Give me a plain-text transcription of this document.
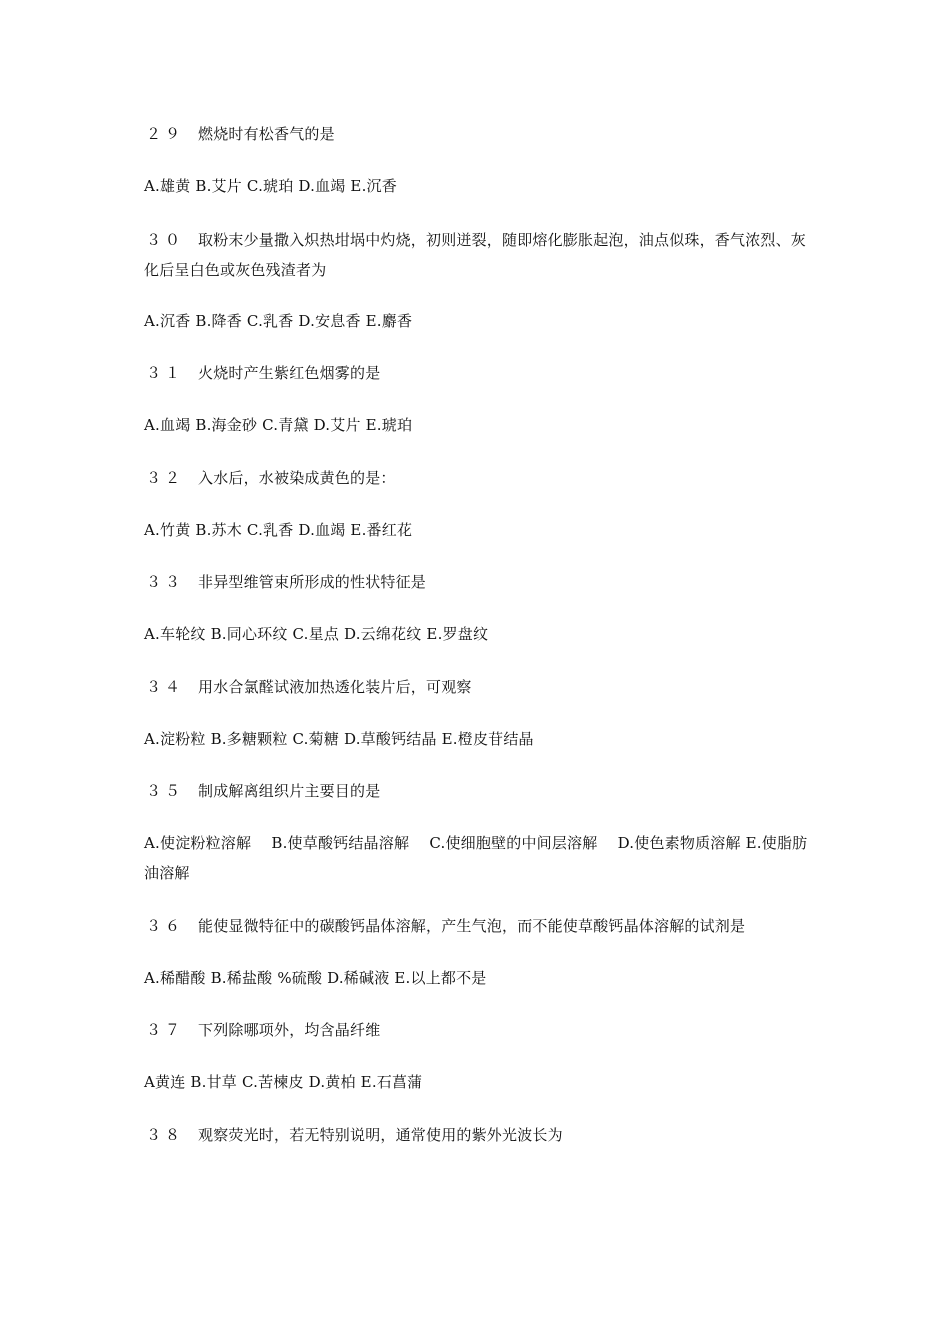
２９ 燃烧时有松香气的是
A.雄黄 B.艾片 C.琥珀 D.血竭 E.沉香
３０ 取粉末少量撒入炽热坩埚中灼烧，初则迸裂，随即熔化膨胀起泡，油点似珠，香气浓烈、灰化后呈白色或灰色残渣者为
A.沉香 B.降香 C.乳香 D.安息香 E.麝香
３１ 火烧时产生紫红色烟雾的是
A.血竭 B.海金砂 C.青黛 D.艾片 E.琥珀
３２ 入水后，水被染成黄色的是：
A.竹黄 B.苏木 C.乳香 D.血竭 E.番红花
３３ 非异型维管束所形成的性状特征是
A.车轮纹 B.同心环纹 C.星点 D.云绵花纹 E.罗盘纹
３４ 用水合氯醛试液加热透化装片后，可观察
A.淀粉粒 B.多糖颗粒 C.菊糖 D.草酸钙结晶 E.橙皮苷结晶
３５ 制成解离组织片主要目的是
A.使淀粉粒溶解　 B.使草酸钙结晶溶解　 C.使细胞壁的中间层溶解　 D.使色素物质溶解 E.使脂肪油溶解
３６ 能使显微特征中的碳酸钙晶体溶解，产生气泡，而不能使草酸钙晶体溶解的试剂是
A.稀醋酸 B.稀盐酸 %硫酸 D.稀碱液 E.以上都不是
３７ 下列除哪项外，均含晶纤维
A黄连 B.甘草 C.苦楝皮 D.黄柏 E.石菖蒲
３８ 观察荧光时，若无特别说明，通常使用的紫外光波长为
